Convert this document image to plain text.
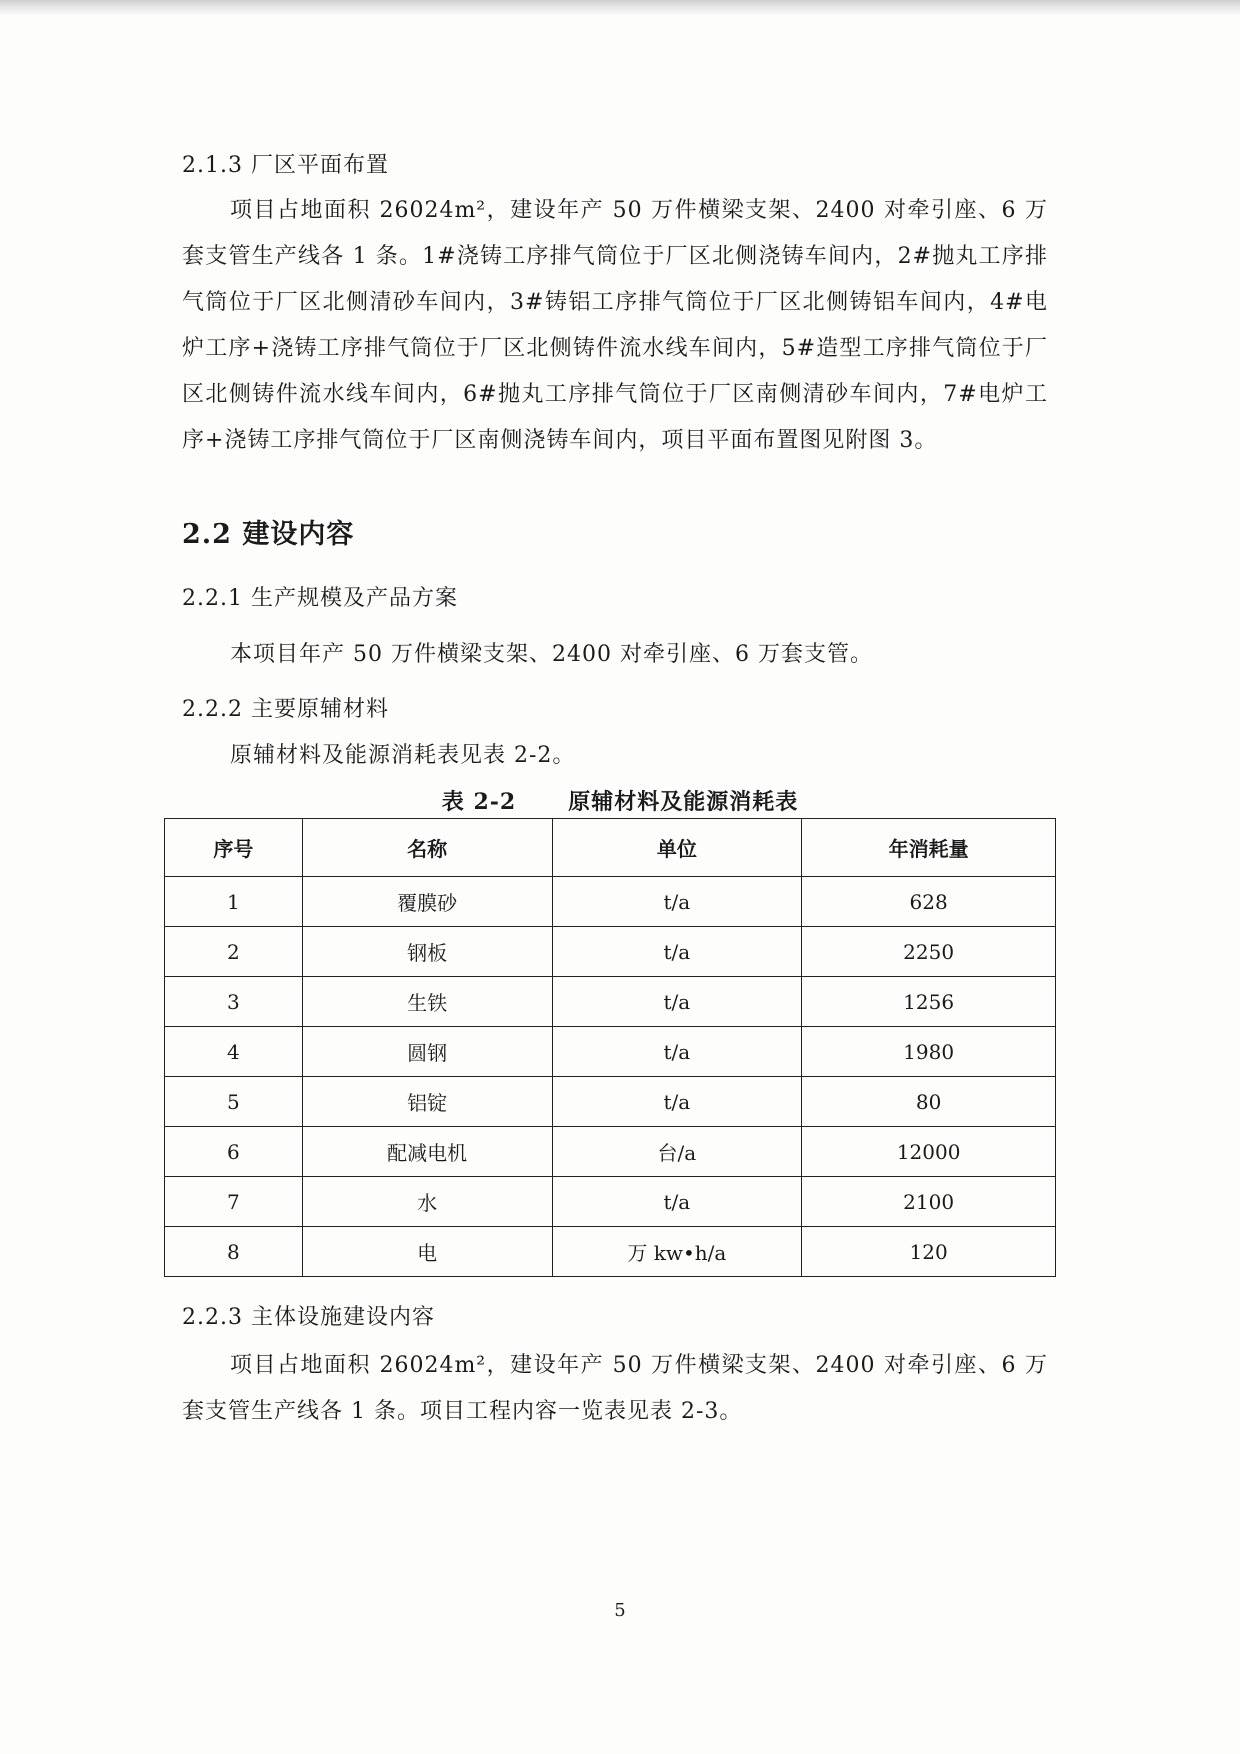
2.1.3 厂区平面布置

项目占地面积 26024m²，建设年产 50 万件横梁支架、2400 对牵引座、6 万套支管生产线各 1 条。1#浇铸工序排气筒位于厂区北侧浇铸车间内，2#抛丸工序排气筒位于厂区北侧清砂车间内，3#铸铝工序排气筒位于厂区北侧铸铝车间内，4#电炉工序+浇铸工序排气筒位于厂区北侧铸件流水线车间内，5#造型工序排气筒位于厂区北侧铸件流水线车间内，6#抛丸工序排气筒位于厂区南侧清砂车间内，7#电炉工序+浇铸工序排气筒位于厂区南侧浇铸车间内，项目平面布置图见附图 3。

2.2 建设内容
2.2.1 生产规模及产品方案
本项目年产 50 万件横梁支架、2400 对牵引座、6 万套支管。
2.2.2 主要原辅材料
原辅材料及能源消耗表见表 2-2。
表 2-2 原辅材料及能源消耗表
序号	名称	单位	年消耗量
1	覆膜砂	t/a	628
2	钢板	t/a	2250
3	生铁	t/a	1256
4	圆钢	t/a	1980
5	铝锭	t/a	80
6	配减电机	台/a	12000
7	水	t/a	2100
8	电	万 kw•h/a	120
2.2.3 主体设施建设内容

项目占地面积 26024m²，建设年产 50 万件横梁支架、2400 对牵引座、6 万套支管生产线各 1 条。项目工程内容一览表见表 2-3。

5
